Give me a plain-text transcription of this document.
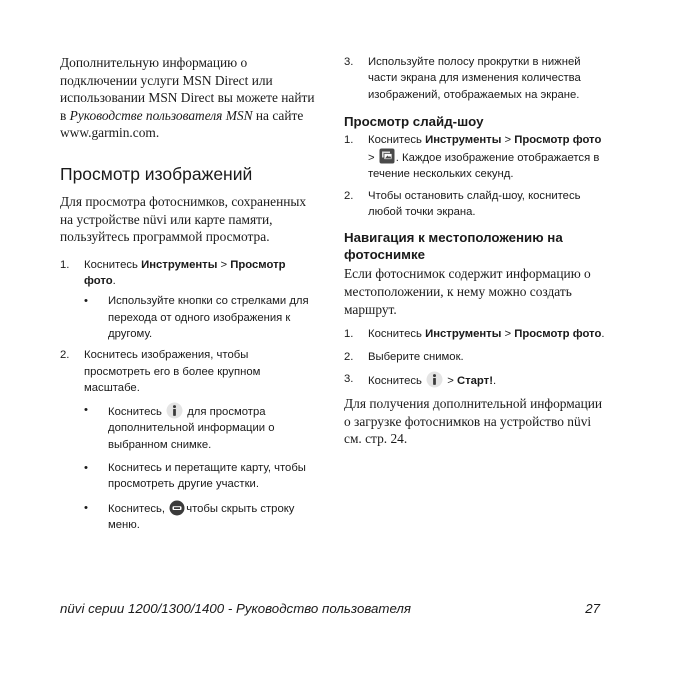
Дополнительную информацию о подключении услуги MSN Direct или использовании MSN Direct вы можете найти в Руководстве пользователя MSN на сайте www.garmin.com.

Просмотр изображений

Для просмотра фотоснимков, сохраненных на устройстве nüvi или карте памяти, пользуйтесь программой просмотра.

1. Коснитесь Инструменты > Просмотр фото.
• Используйте кнопки со стрелками для перехода от одного изображения к другому.
2. Коснитесь изображения, чтобы просмотреть его в более крупном масштабе.
• Коснитесь  для просмотра дополнительной информации о выбранном снимке.
• Коснитесь и перетащите карту, чтобы просмотреть другие участки.
• Коснитесь, чтобы скрыть строку меню.
3. Используйте полосу прокрутки в нижней части экрана для изменения количества изображений, отображаемых на экране.
Просмотр слайд-шоу
1. Коснитесь Инструменты > Просмотр фото > . Каждое изображение отображается в течение нескольких секунд.
2. Чтобы остановить слайд-шоу, коснитесь любой точки экрана.
Навигация к местоположению на фотоснимке

Если фотоснимок содержит информацию о местоположении, к нему можно создать маршрут.

1. Коснитесь Инструменты > Просмотр фото.
2. Выберите снимок.
3. Коснитесь  > Старт!.

Для получения дополнительной информации о загрузке фотоснимков на устройство nüvi см. стр. 24.

nüvi серии 1200/1300/1400 - Руководство пользователя	27
